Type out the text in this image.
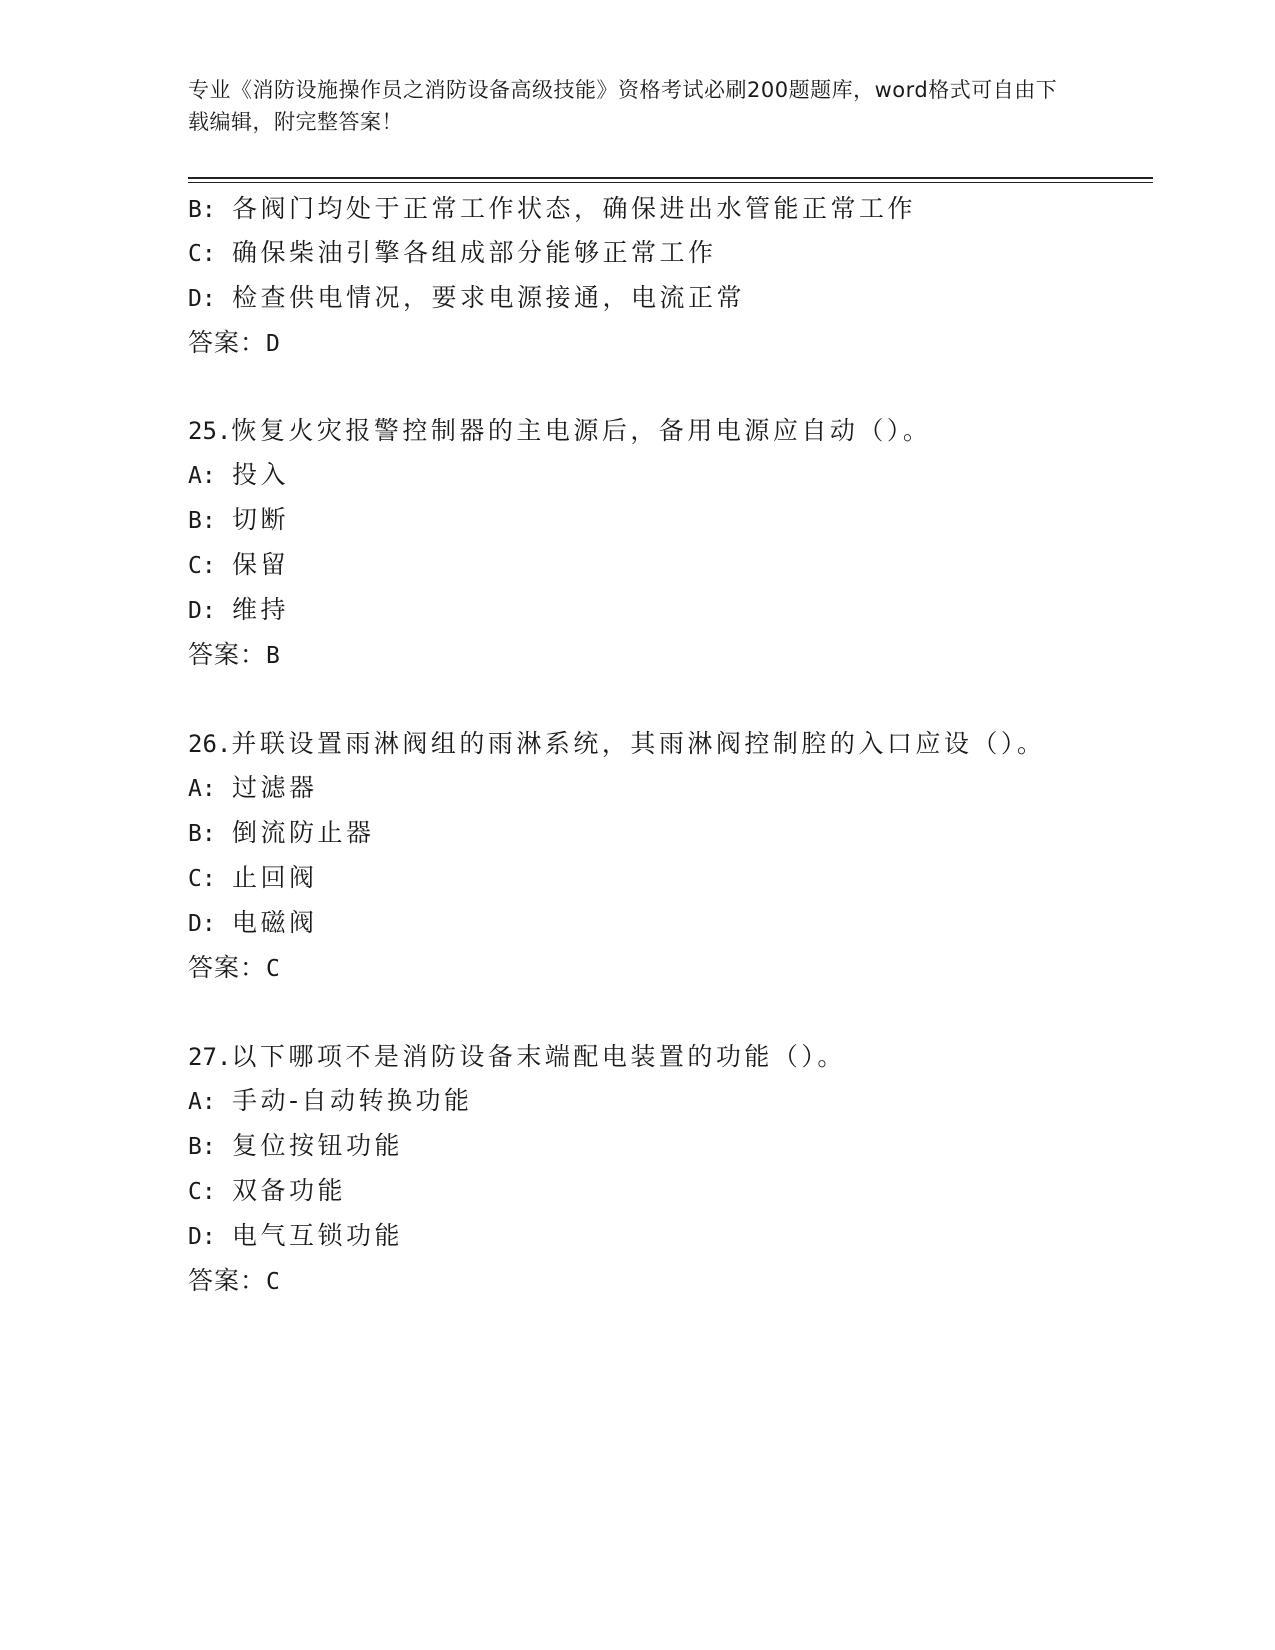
专业《消防设施操作员之消防设备高级技能》资格考试必刷200题题库，word格式可自由下载编辑，附完整答案！
B: 各阀门均处于正常工作状态，确保进出水管能正常工作
C: 确保柴油引擎各组成部分能够正常工作
D: 检查供电情况，要求电源接通，电流正常
答案：D
25.恢复火灾报警控制器的主电源后，备用电源应自动（）。
A: 投入
B: 切断
C: 保留
D: 维持
答案：B
26.并联设置雨淋阀组的雨淋系统，其雨淋阀控制腔的入口应设（）。
A: 过滤器
B: 倒流防止器
C: 止回阀
D: 电磁阀
答案：C
27.以下哪项不是消防设备末端配电装置的功能（）。
A: 手动-自动转换功能
B: 复位按钮功能
C: 双备功能
D: 电气互锁功能
答案：C
